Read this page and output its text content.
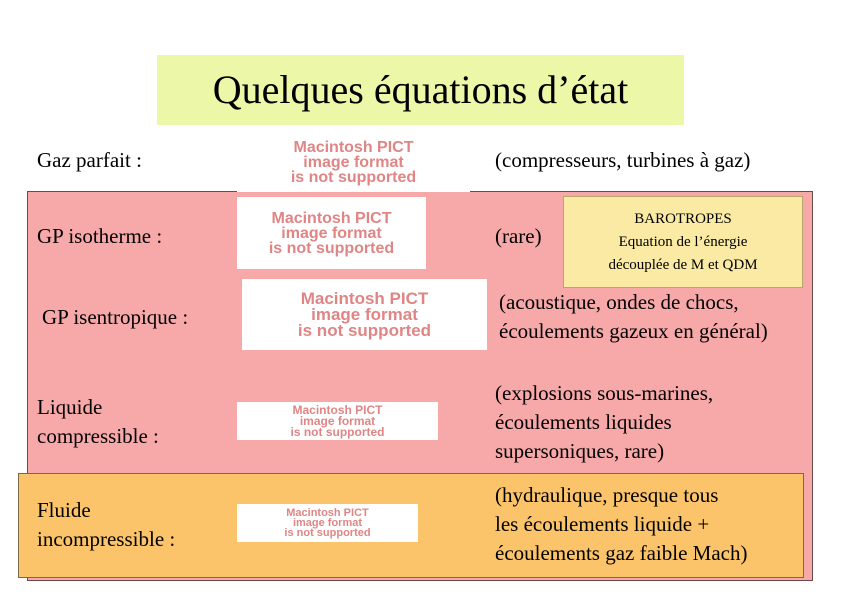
Quelques équations d’état
Gaz parfait :
Macintosh PICT
image format
is not supported
(compresseurs, turbines à gaz)
GP isotherme :
Macintosh PICT
image format
is not supported	(rare)
BAROTROPES
Equation de l’énergie
découplée de M et QDM
GP isentropique :
Macintosh PICT
image format
is not supported
(acoustique, ondes de chocs,
écoulements gazeux en général)
Liquide
compressible :
Macintosh PICT
image format
is not supported
(explosions sous-marines,
écoulements liquides
supersoniques, rare)
Fluide
incompressible :
Macintosh PICT
image format
is not supported
(hydraulique, presque tous
les écoulements liquide +
écoulements gaz faible Mach)
